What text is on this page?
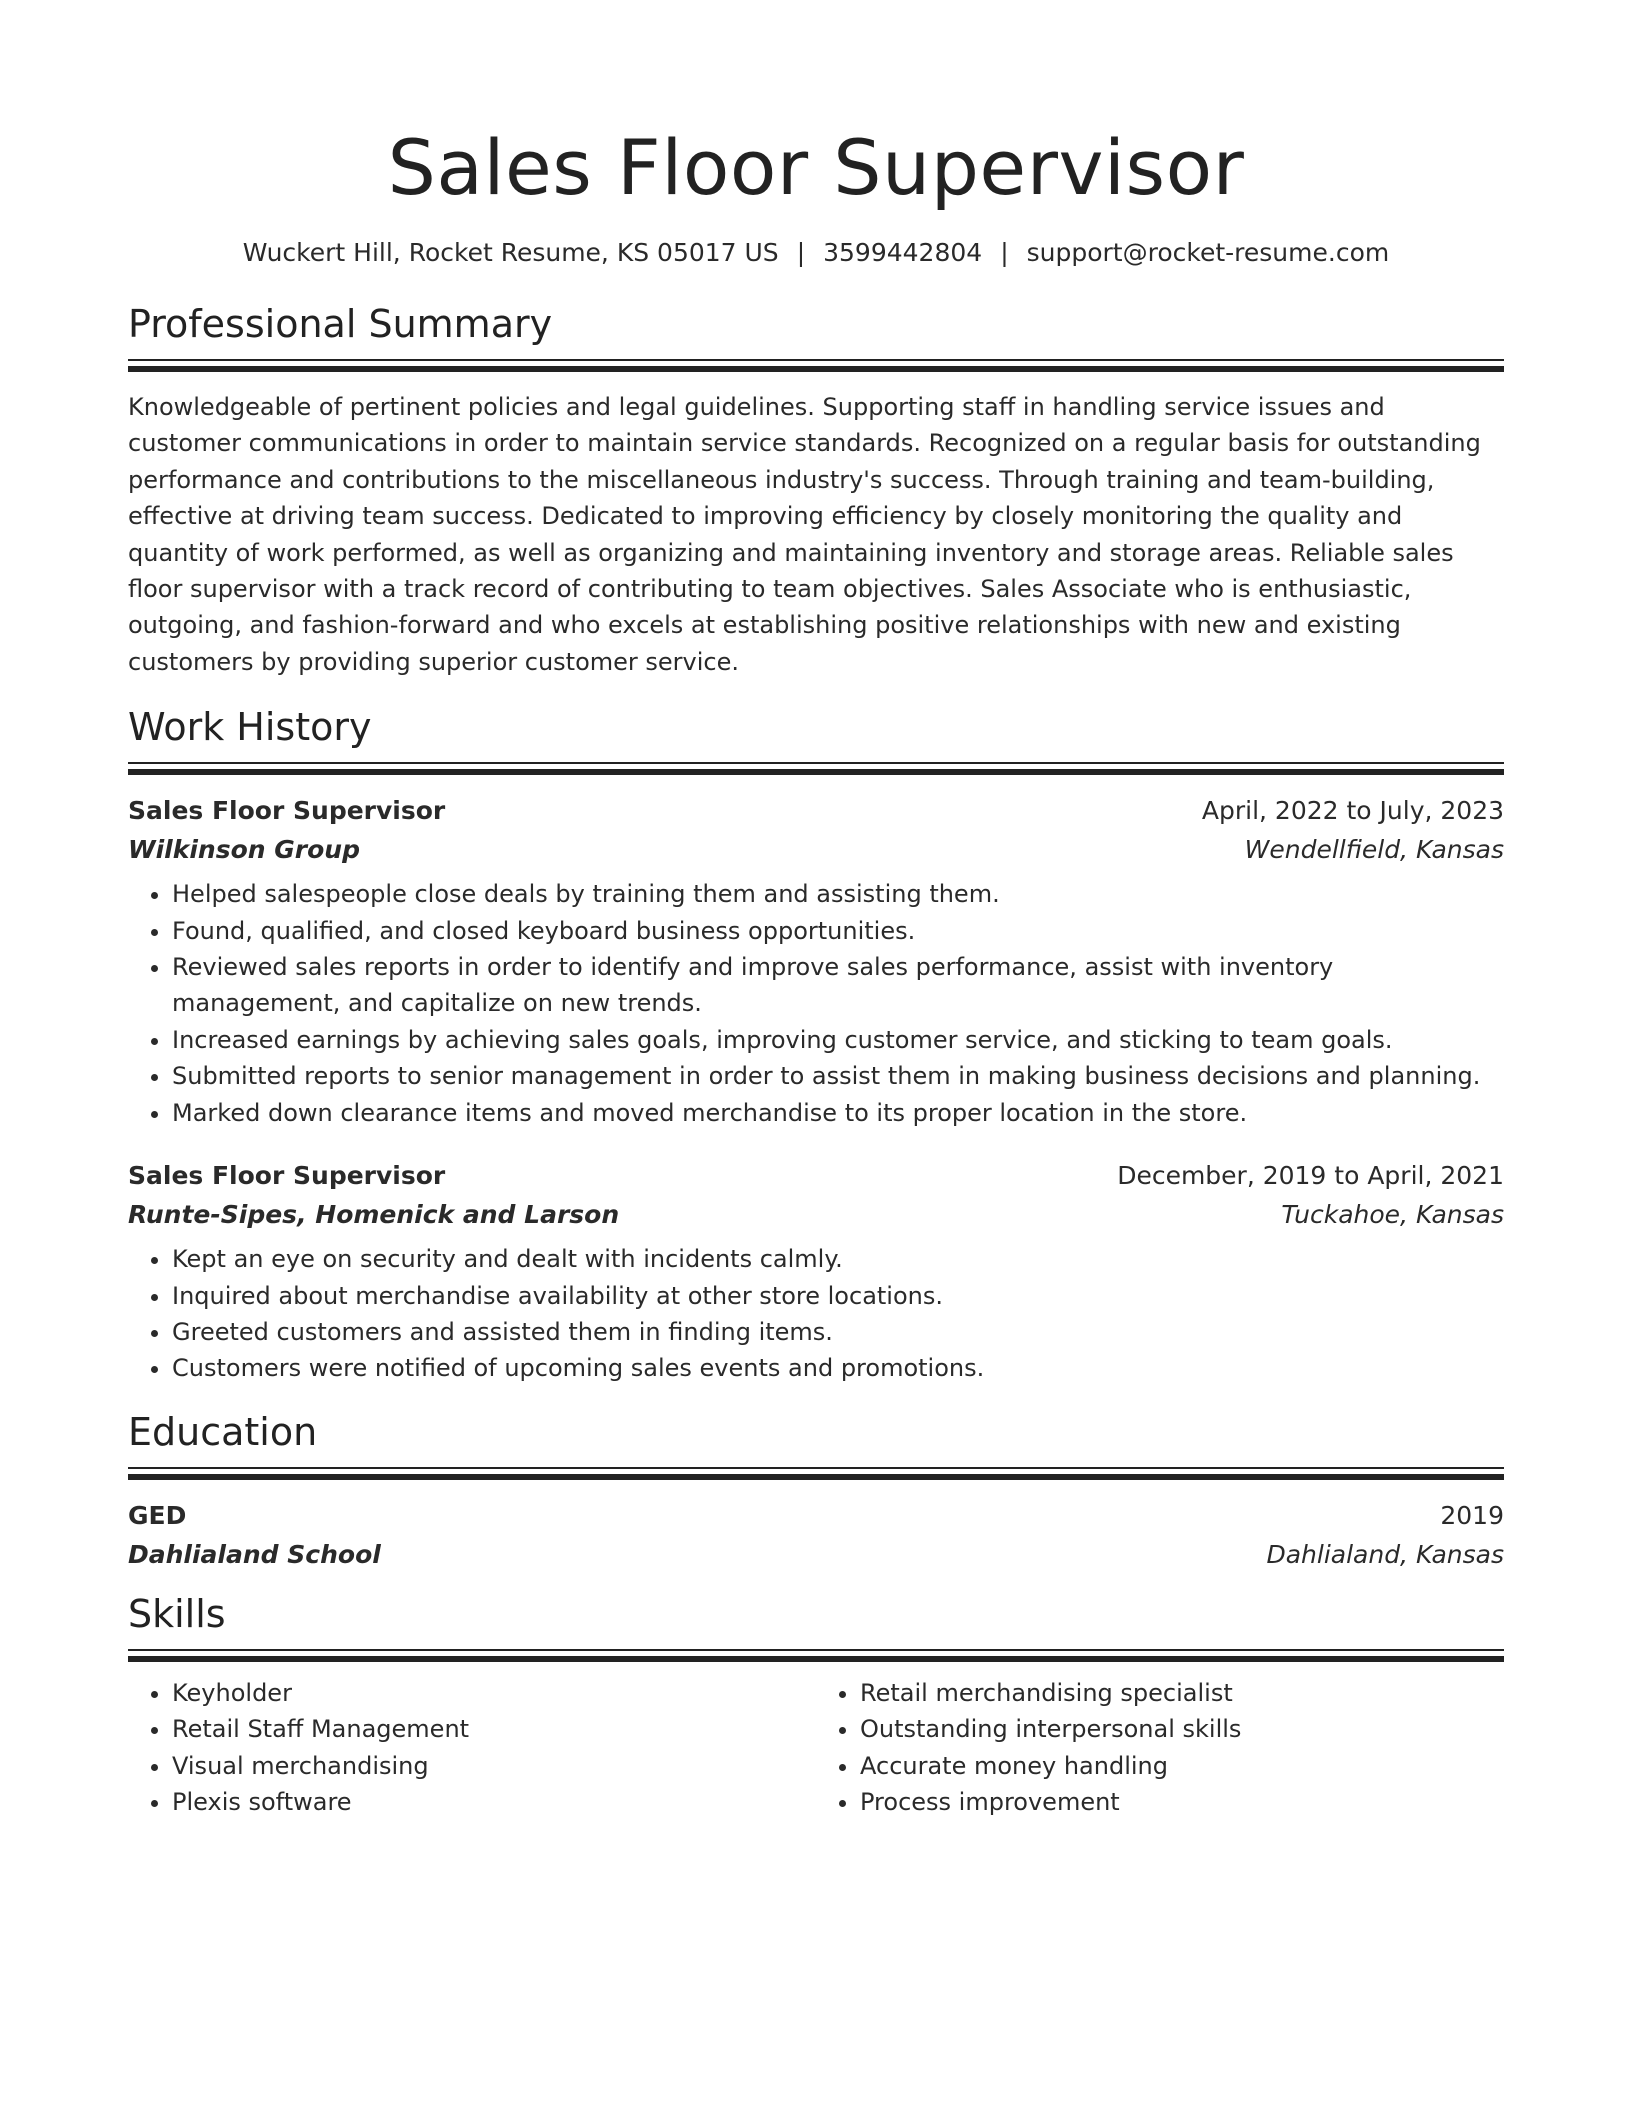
Sales Floor Supervisor
Wuckert Hill, Rocket Resume, KS 05017 US | 3599442804 | support@rocket-resume.com
Professional Summary

Knowledgeable of pertinent policies and legal guidelines. Supporting staff in handling service issues and customer communications in order to maintain service standards. Recognized on a regular basis for outstanding performance and contributions to the miscellaneous industry's success. Through training and team-building, effective at driving team success. Dedicated to improving efficiency by closely monitoring the quality and quantity of work performed, as well as organizing and maintaining inventory and storage areas. Reliable sales floor supervisor with a track record of contributing to team objectives. Sales Associate who is enthusiastic, outgoing, and fashion-forward and who excels at establishing positive relationships with new and existing customers by providing superior customer service.

Work History
Sales Floor Supervisor	April, 2022 to July, 2023
Wilkinson Group	Wendellfield, Kansas
• Helped salespeople close deals by training them and assisting them.
• Found, qualified, and closed keyboard business opportunities.
• Reviewed sales reports in order to identify and improve sales performance, assist with inventory management, and capitalize on new trends.
• Increased earnings by achieving sales goals, improving customer service, and sticking to team goals.
• Submitted reports to senior management in order to assist them in making business decisions and planning.
• Marked down clearance items and moved merchandise to its proper location in the store.
Sales Floor Supervisor	December, 2019 to April, 2021
Runte-Sipes, Homenick and Larson	Tuckahoe, Kansas
• Kept an eye on security and dealt with incidents calmly.
• Inquired about merchandise availability at other store locations.
• Greeted customers and assisted them in finding items.
• Customers were notified of upcoming sales events and promotions.
Education
GED	2019
Dahlialand School	Dahlialand, Kansas
Skills
• Keyholder
• Retail Staff Management
• Visual merchandising
• Plexis software
• Retail merchandising specialist
• Outstanding interpersonal skills
• Accurate money handling
• Process improvement
